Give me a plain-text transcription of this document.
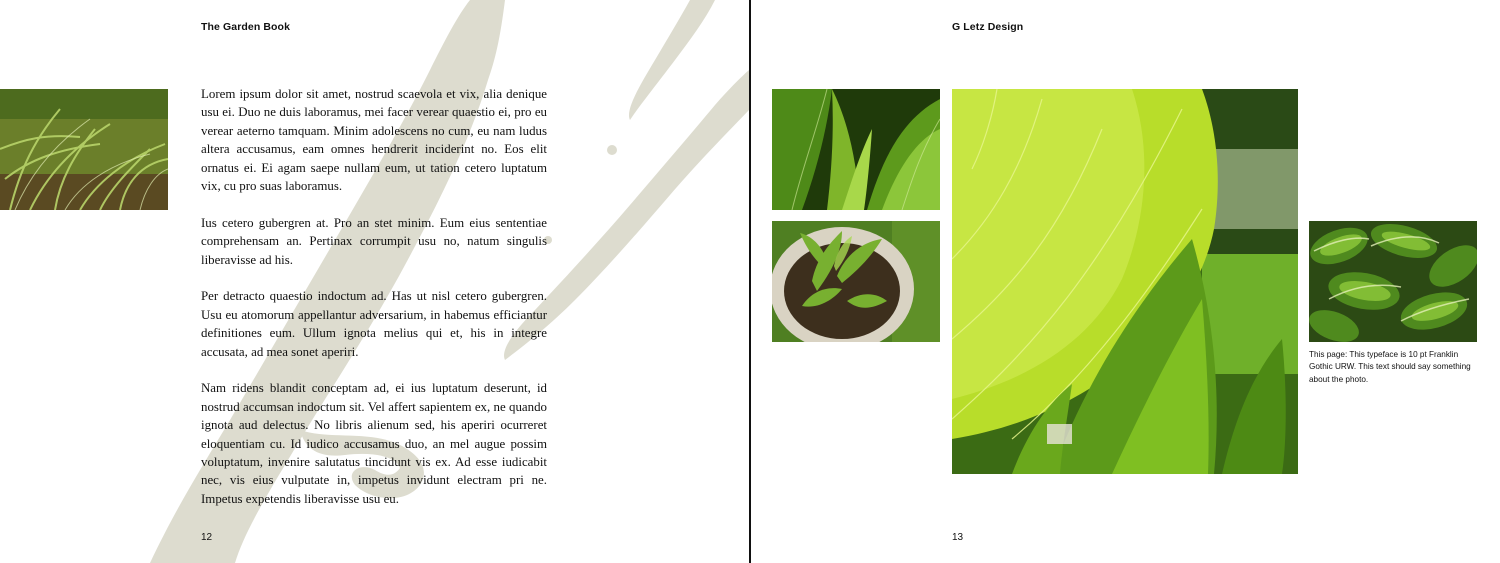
The Garden Book

Lorem ipsum dolor sit amet, nostrud scaevola et vix, alia denique usu ei. Duo ne duis laboramus, mei facer verear quaestio ei, pro eu verear aeterno tamquam. Minim adolescens no cum, eu nam ludus altera accusamus, eam omnes hendrerit inciderint no. Eos elit ornatus ei. Ei agam saepe nullam eum, ut tation cetero luptatum vix, cu pro suas laboramus.

Ius cetero gubergren at. Pro an stet minim. Eum eius sententiae comprehensam an. Pertinax corrumpit usu no, natum singulis liberavisse ad his.

Per detracto quaestio indoctum ad. Has ut nisl cetero gubergren. Usu eu atomorum appellantur adversarium, in habemus efficiantur definitiones eum. Ullum ignota melius qui et, his in integre accusata, ad mea sonet aperiri.

Nam ridens blandit conceptam ad, ei ius luptatum deserunt, id nostrud accumsan indoctum sit. Vel affert sapientem ex, ne quando ignota aud delectus. No libris alienum sed, his aperiri ocurreret eloquentiam cu. Id iudico accusamus duo, an mel augue possim voluptatum, invenire salutatus tincidunt vis ex. Ad esse iudicabit nec, vis eius vulputate in, impetus invidunt electram pri ne. Impetus expetendis liberavisse usu eu.

12
G Letz Design
This page: This typeface is 10 pt Franklin Gothic URW. This text should say something about the photo.
13
